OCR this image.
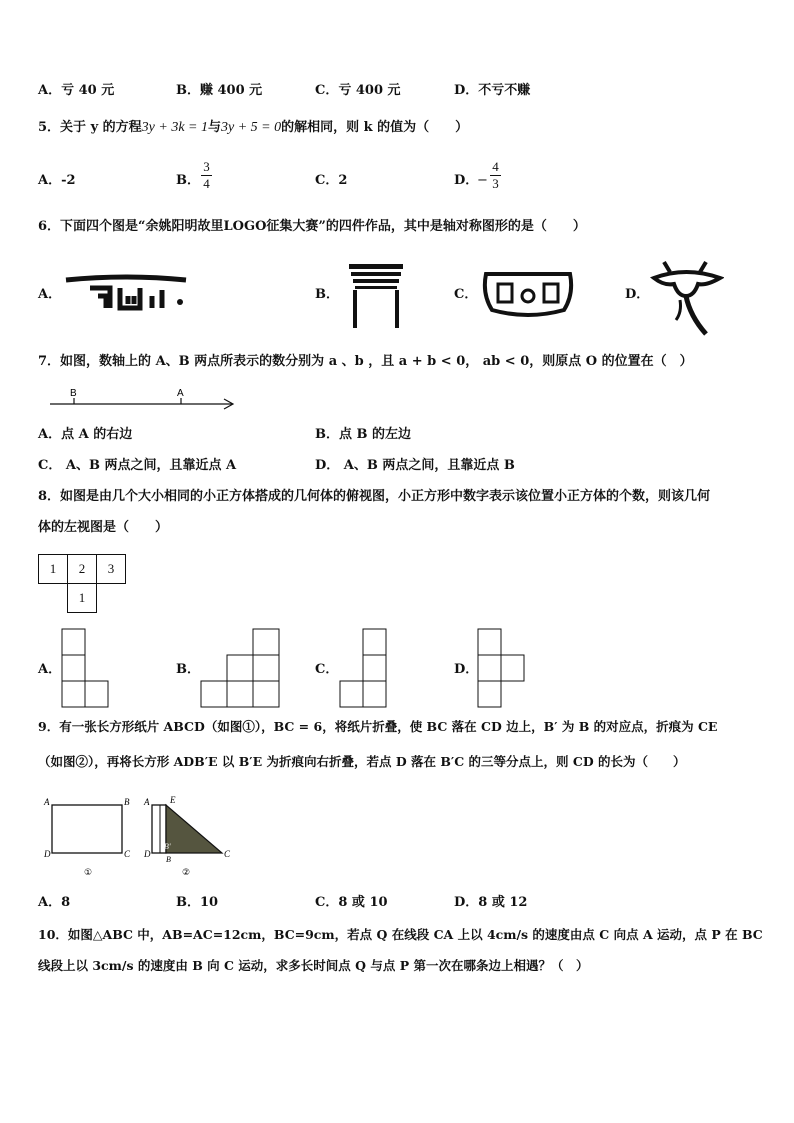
A．亏 40 元	B．赚 400 元	C．亏 400 元	D．不亏不赚
5．关于 y 的方程3y + 3k = 1与3y + 5 = 0的解相同，则 k 的值为（　　）
A．-2	B．
3
4	C．2	D．
−
4
3
6．下面四个图是“余姚阳明故里LOGO征集大赛”的四件作品，其中是轴对称图形的是（　　）
A．	B．	C．	D．
7．如图，数轴上的 A、B 两点所表示的数分别为 a 、b ，且 a + b < 0， ab < 0，则原点 O 的位置在（　）
B	A
A．点 A 的右边	B．点 B 的左边
C． A、B 两点之间，且靠近点 A	D． A、B 两点之间，且靠近点 B
8．如图是由几个大小相同的小正方体搭成的几何体的俯视图，小正方形中数字表示该位置小正方体的个数，则该几何
体的左视图是（　　）
1	2	3
	1	
A．	B．	C．	D．
9．有一张长方形纸片 ABCD（如图①），BC = 6，将纸片折叠，使 BC 落在 CD 边上，B′ 为 B 的对应点，折痕为 CE
（如图②），再将长方形 ADB′E 以 B′E 为折痕向右折叠，若点 D 落在 B′C 的三等分点上，则 CD 的长为（　　）
A	B
D	C
①
A E
D
B'
B
C
②
A．8	B．10	C．8 或 10	D．8 或 12
10．如图△ABC 中，AB=AC=12cm，BC=9cm，若点 Q 在线段 CA 上以 4cm/s 的速度由点 C 向点 A 运动，点 P 在 BC
线段上以 3cm/s 的速度由 B 向 C 运动，求多长时间点 Q 与点 P 第一次在哪条边上相遇？（　）
